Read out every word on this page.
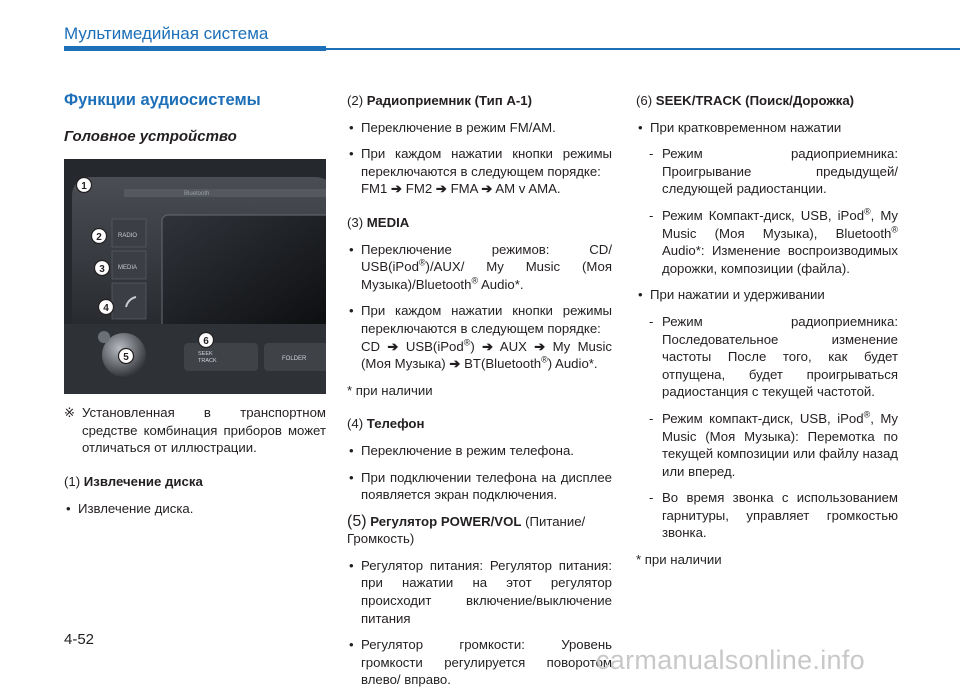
Мультимедийная система
Функции аудиосистемы
Головное устройство
Bluetooth
RADIO
MEDIA
SEEK
TRACK	FOLDER
1
2
3
4
5
6
※ Установленная в транспортном средстве комбинация приборов может отличаться от иллюстрации.

(1) Извлечение диска

• Извлечение диска.

(2) Радиоприемник (Тип A-1)

• Переключение в режим FM/AM.

• При каждом нажатии кнопки режимы переключаются в следующем порядке:
FM1 ➔ FM2 ➔ FMA ➔ AM v AMA.

(3) MEDIA

• Переключение режимов: CD/ USB(iPod®)/AUX/ My Music (Моя Музыка)/Bluetooth® Audio*.

• При каждом нажатии кнопки режимы переключаются в следующем порядке:
CD ➔ USB(iPod®) ➔ AUX ➔ My Music (Моя Музыка) ➔ BT(Bluetooth®) Audio*.

* при наличии

(4) Телефон

• Переключение в режим телефона.

• При подключении телефона на дисплее появляется экран подключения.

(5) Регулятор POWER/VOL (Питание/ Громкость)

• Регулятор питания: Регулятор питания: при нажатии на этот регулятор происходит включение/выключение питания

• Регулятор громкости: Уровень громкости регулируется поворотом влево/ вправо.

(6) SEEK/TRACK (Поиск/Дорожка)

• При кратковременном нажатии

- Режим радиоприемника: Проигрывание предыдущей/следующей радиостанции.

- Режим Компакт-диск, USB, iPod®, My Music (Моя Музыка), Bluetooth® Audio*: Изменение воспроизводимых дорожки, композиции (файла).

• При нажатии и удерживании

- Режим радиоприемника: Последовательное изменение частоты После того, как будет отпущена, будет проигрываться радиостанция с текущей частотой.

- Режим компакт-диск, USB, iPod®, My Music (Моя Музыка): Перемотка по текущей композиции или файлу назад или вперед.

- Во время звонка с использованием гарнитуры, управляет громкостью звонка.

* при наличии

4-52
carmanualsonline.info
